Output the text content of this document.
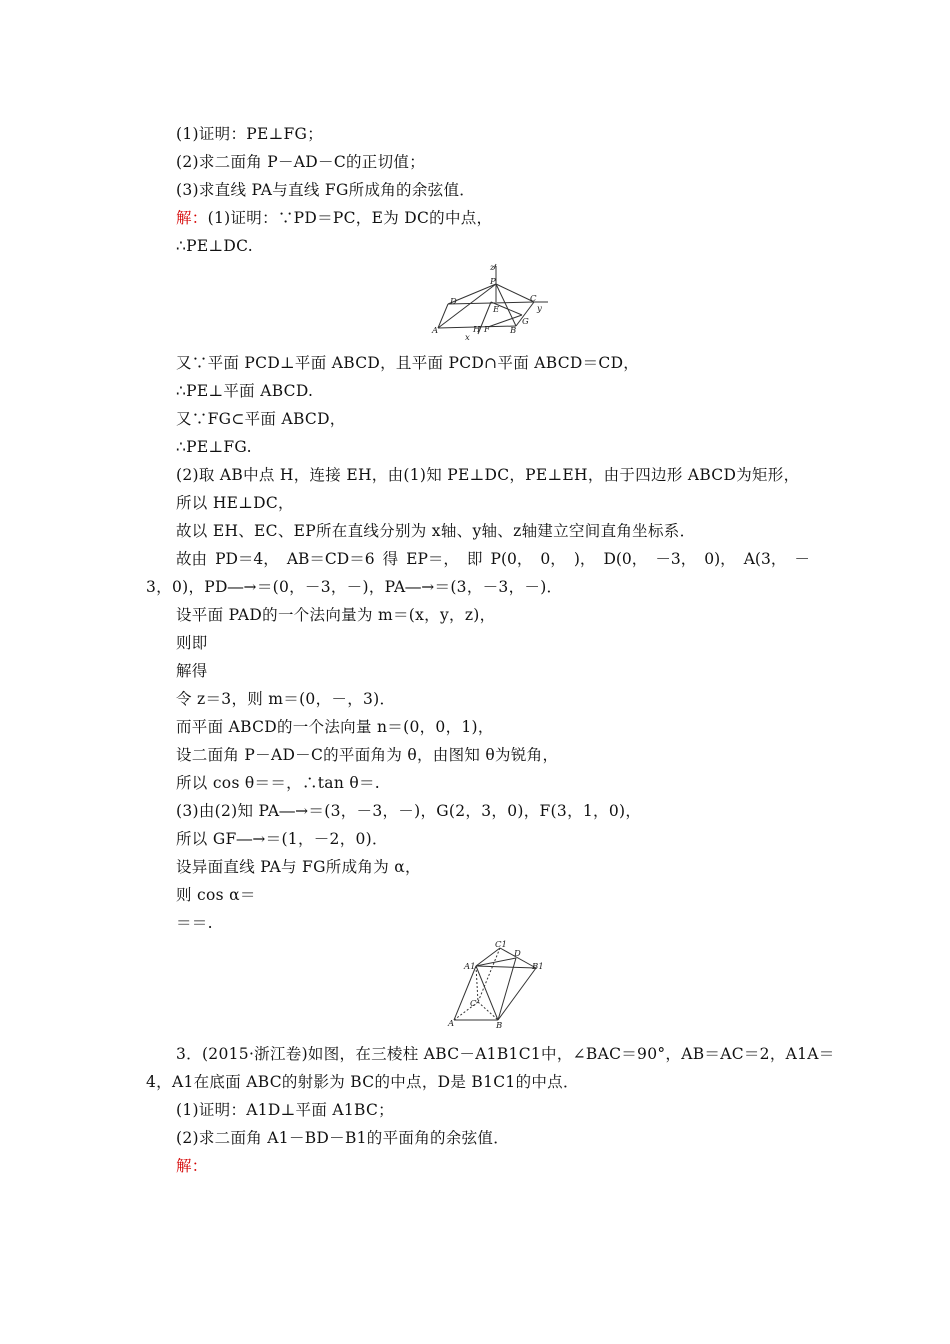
(1)证明：PE⊥FG；
(2)求二面角 P－AD－C的正切值；
(3)求直线 PA与直线 FG所成角的余弦值．
解：(1)证明：∵PD＝PC，E为 DC的中点，
∴PE⊥DC.
z
P
D	C
y
E
A	H F B
G
x
又∵平面 PCD⊥平面 ABCD，且平面 PCD∩平面 ABCD＝CD，
∴PE⊥平面 ABCD.
又∵FG⊂平面 ABCD，
∴PE⊥FG.
(2)取 AB中点 H，连接 EH，由(1)知 PE⊥DC，PE⊥EH，由于四边形 ABCD为矩形，
所以 HE⊥DC，
故以 EH、EC、EP所在直线分别为 x轴、y轴、z轴建立空间直角坐标系．
故由 PD＝4， AB＝CD＝6 得 EP＝， 即 P(0， 0， )， D(0， －3， 0)， A(3， －
3，0)，PD―→＝(0，－3，－)，PA―→＝(3，－3，－)．
设平面 PAD的一个法向量为 m＝(x，y，z)，
则即
解得
令 z＝3，则 m＝(0，－，3)．
而平面 ABCD的一个法向量 n＝(0，0，1)，
设二面角 P－AD－C的平面角为 θ，由图知 θ为锐角，
所以 cos θ＝＝，∴tan θ＝.
(3)由(2)知 PA―→＝(3，－3，－)，G(2，3，0)，F(3，1，0)，
所以 GF―→＝(1，－2，0)．
设异面直线 PA与 FG所成角为 α，
则 cos α＝
＝＝.
C1
A1
D
B1
C
A	B
3．(2015·浙江卷)如图，在三棱柱 ABC－A1B1C1中，∠BAC＝90°，AB＝AC＝2，A1A＝
4，A1在底面 ABC的射影为 BC的中点，D是 B1C1的中点．
(1)证明：A1D⊥平面 A1BC；
(2)求二面角 A1－BD－B1的平面角的余弦值．
解：
